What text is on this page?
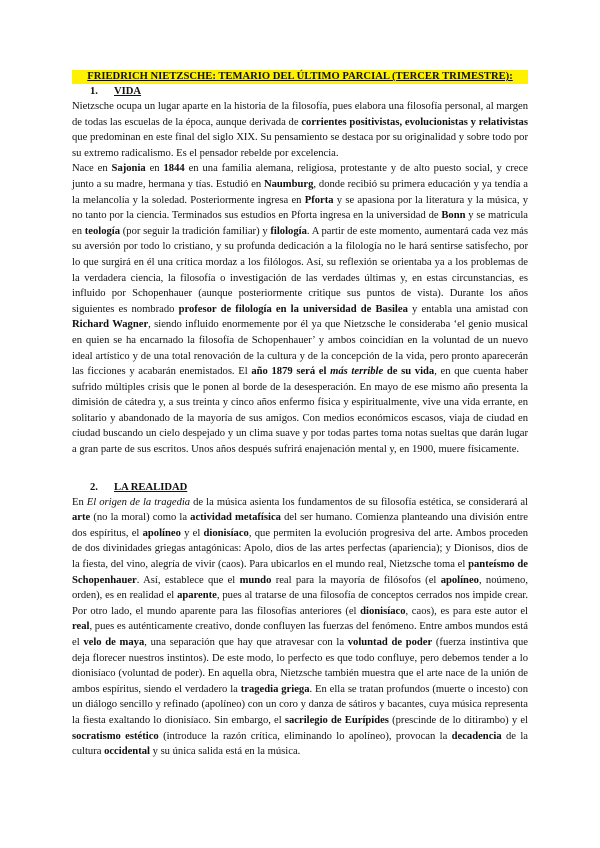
FRIEDRICH NIETZSCHE: TEMARIO DEL ÚLTIMO PARCIAL (TERCER TRIMESTRE):
1. VIDA

Nietzsche ocupa un lugar aparte en la historia de la filosofía, pues elabora una filosofía personal, al margen de todas las escuelas de la época, aunque derivada de corrientes positivistas, evolucionistas y relativistas que predominan en este final del siglo XIX. Su pensamiento se destaca por su originalidad y sobre todo por su extremo radicalismo. Es el pensador rebelde por excelencia.

Nace en Sajonia en 1844 en una familia alemana, religiosa, protestante y de alto puesto social, y crece junto a su madre, hermana y tías. Estudió en Naumburg, donde recibió su primera educación y ya tendía a la melancolía y la soledad. Posteriormente ingresa en Pforta y se apasiona por la literatura y la música, y no tanto por la ciencia. Terminados sus estudios en Pforta ingresa en la universidad de Bonn y se matricula en teología (por seguir la tradición familiar) y filología. A partir de este momento, aumentará cada vez más su aversión por todo lo cristiano, y su profunda dedicación a la filología no le hará sentirse satisfecho, por lo que surgirá en él una crítica mordaz a los filólogos. Así, su reflexión se orientaba ya a los problemas de la verdadera ciencia, la filosofía o investigación de las verdades últimas y, en estas circunstancias, es influido por Schopenhauer (aunque posteriormente critique sus puntos de vista). Durante los años siguientes es nombrado profesor de filología en la universidad de Basilea y entabla una amistad con Richard Wagner, siendo influido enormemente por él ya que Nietzsche le consideraba ‘el genio musical en quien se ha encarnado la filosofía de Schopenhauer’ y ambos coincidían en la voluntad de un nuevo ideal artístico y de una total renovación de la cultura y de la concepción de la vida, pero pronto aparecerán las ficciones y acabarán enemistados. El año 1879 será el más terrible de su vida, en que cuenta haber sufrido múltiples crisis que le ponen al borde de la desesperación. En mayo de ese mismo año presenta la dimisión de cátedra y, a sus treinta y cinco años enfermo física y espiritualmente, vive una vida errante, en solitario y abandonado de la mayoría de sus amigos. Con medios económicos escasos, viaja de ciudad en ciudad buscando un cielo despejado y un clima suave y por todas partes toma notas sueltas que darán lugar a gran parte de sus escritos. Unos años después sufrirá enajenación mental y, en 1900, muere físicamente.

2. LA REALIDAD

En El origen de la tragedia de la música asienta los fundamentos de su filosofía estética, se considerará al arte (no la moral) como la actividad metafísica del ser humano. Comienza planteando una división entre dos espíritus, el apolíneo y el dionisíaco, que permiten la evolución progresiva del arte. Ambos proceden de dos divinidades griegas antagónicas: Apolo, dios de las artes perfectas (apariencia); y Dionisos, dios de la fiesta, del vino, alegría de vivir (caos). Para ubicarlos en el mundo real, Nietzsche toma el panteísmo de Schopenhauer. Así, establece que el mundo real para la mayoría de filósofos (el apolíneo, noúmeno, orden), es en realidad el aparente, pues al tratarse de una filosofía de conceptos cerrados nos impide crear. Por otro lado, el mundo aparente para las filosofías anteriores (el dionisíaco, caos), es para este autor el real, pues es auténticamente creativo, donde confluyen las fuerzas del fenómeno. Entre ambos mundos está el velo de maya, una separación que hay que atravesar con la voluntad de poder (fuerza instintiva que deja florecer nuestros instintos). De este modo, lo perfecto es que todo confluye, pero debemos tender a lo dionisíaco (voluntad de poder). En aquella obra, Nietzsche también muestra que el arte nace de la unión de ambos espíritus, siendo el verdadero la tragedia griega. En ella se tratan profundos (muerte o incesto) con un diálogo sencillo y refinado (apolíneo) con un coro y danza de sátiros y bacantes, cuya música representa la fiesta exaltando lo dionisíaco. Sin embargo, el sacrilegio de Eurípides (prescinde de lo ditirambo) y el socratismo estético (introduce la razón crítica, eliminando lo apolíneo), provocan la decadencia de la cultura occidental y su única salida está en la música.
